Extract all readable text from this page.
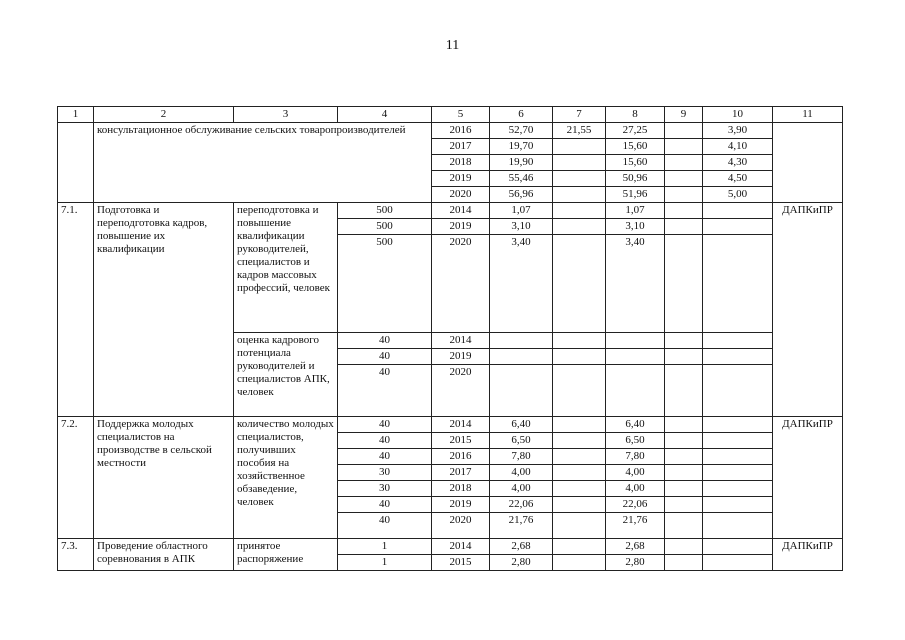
11
1	2	3	4	5	6	7	8	9	10	11
	консультационное обслуживание сельских товаропроизводителей			2016	52,70	21,55	27,25		3,90	
				2017	19,70		15,60		4,10	
				2018	19,90		15,60		4,30	
				2019	55,46		50,96		4,50	
				2020	56,96		51,96		5,00	
7.1.	Подготовка и переподготовка кадров, повышение их квалификации	переподготовка и повышение квалификации руководителей, специалистов и кадров массовых профессий, человек	500	2014	1,07		1,07			ДАПКиПР
			500	2019	3,10		3,10			
			500	2020	3,40		3,40			
		оценка кадрового потенциала руководителей и специалистов АПК, человек	40	2014						
			40	2019						
			40	2020						
7.2.	Поддержка молодых специалистов на производстве в сельской местности	количество молодых специалистов, получивших пособия на хозяйственное обзаведение, человек	40	2014	6,40		6,40			ДАПКиПР
			40	2015	6,50		6,50			
			40	2016	7,80		7,80			
			30	2017	4,00		4,00			
			30	2018	4,00		4,00			
			40	2019	22,06		22,06			
			40	2020	21,76		21,76			
7.3.	Проведение областного соревнования в АПК	принятое распоряжение	1	2014	2,68		2,68			ДАПКиПР
			1	2015	2,80		2,80			
